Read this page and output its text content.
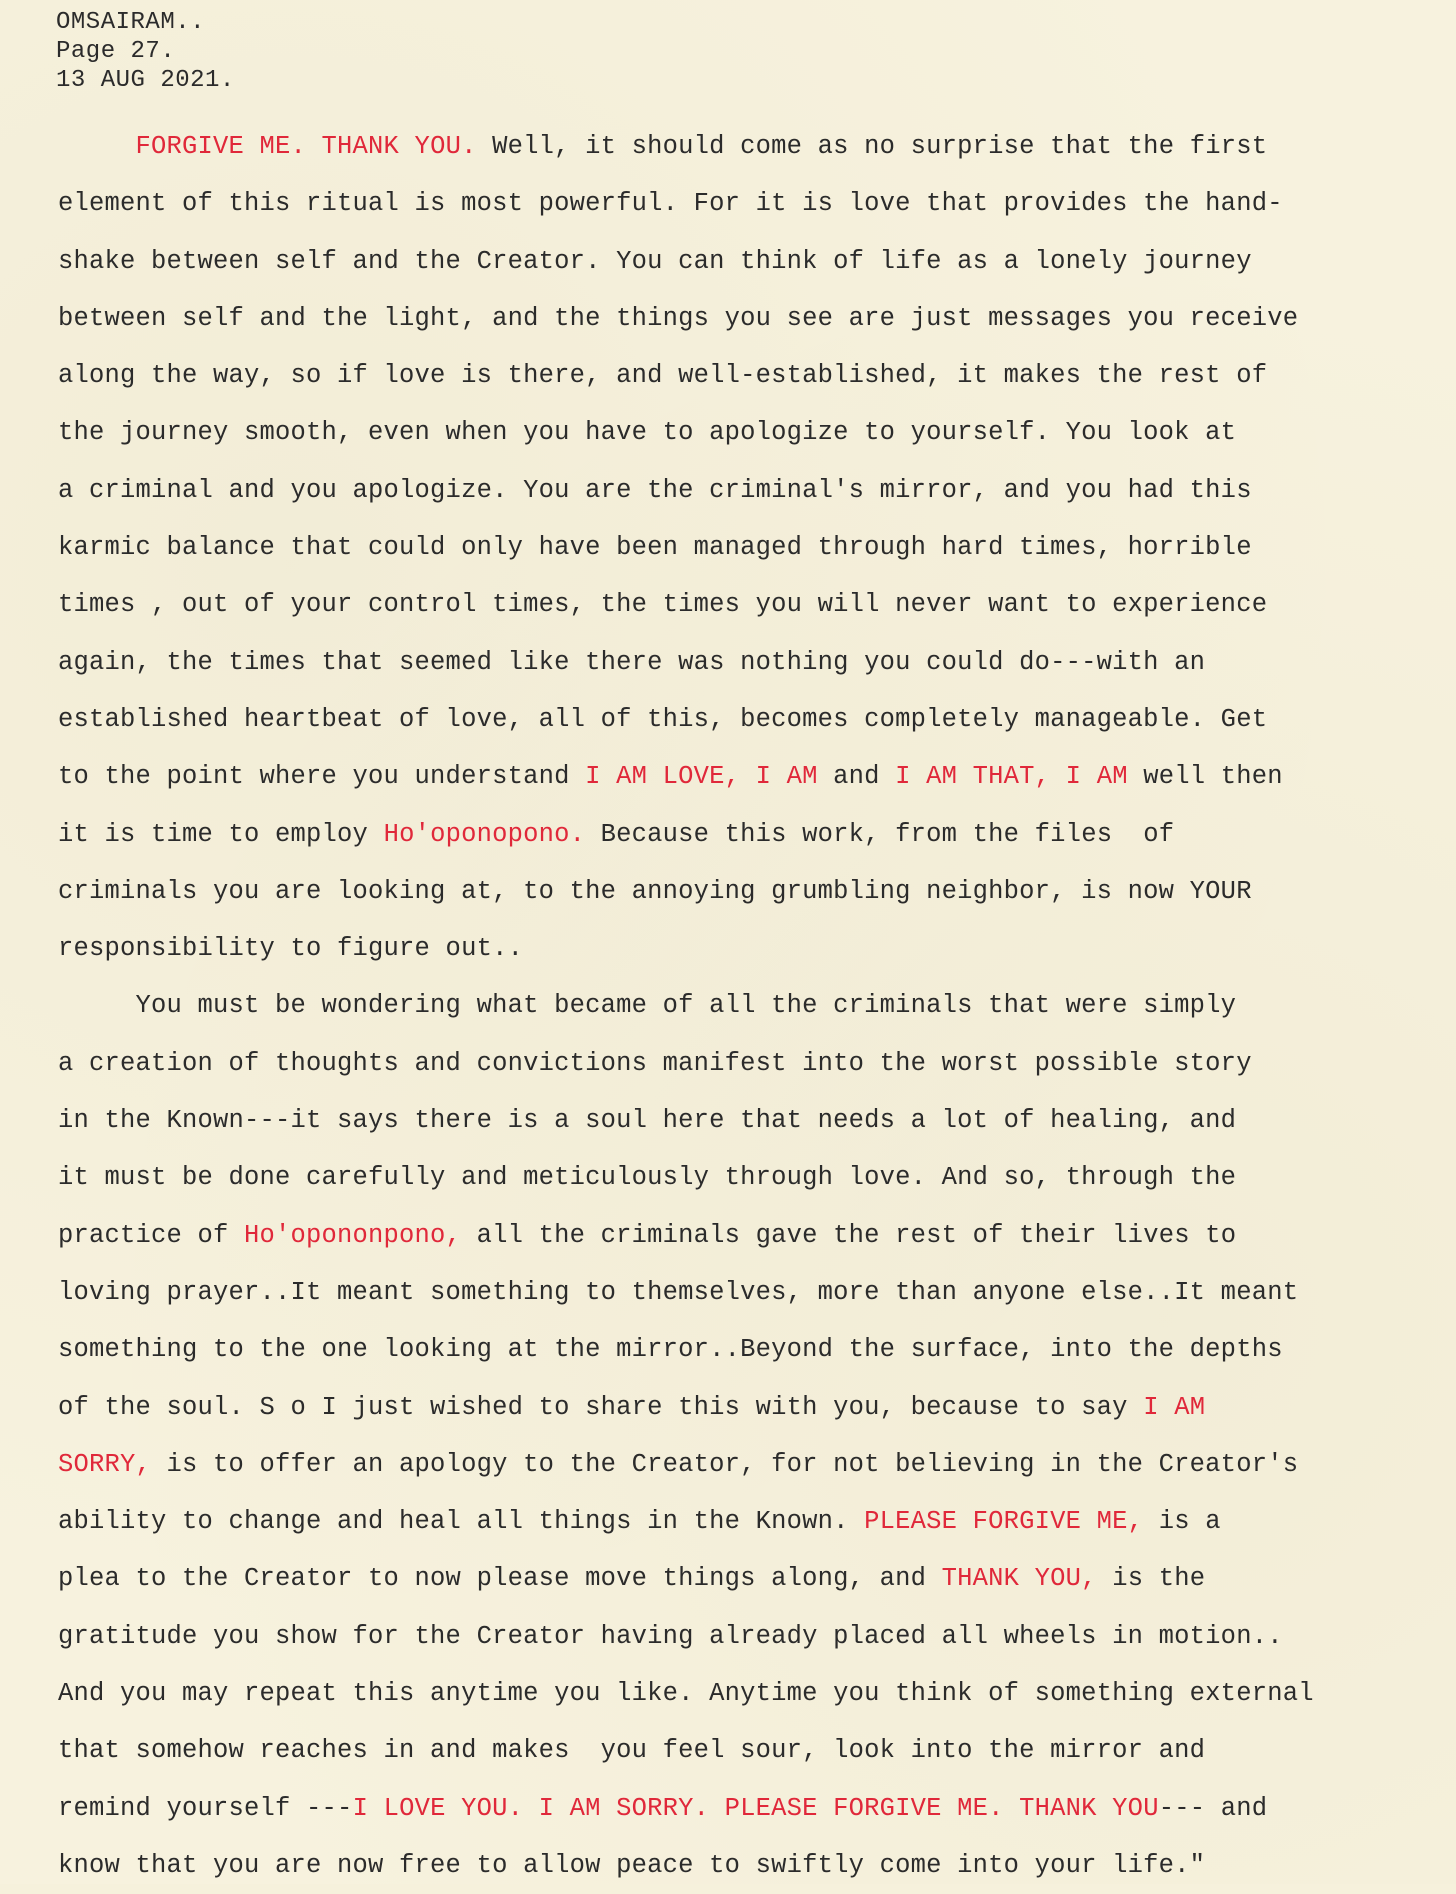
OMSAIRAM..
Page 27.
13 AUG 2021.
FORGIVE ME. THANK YOU. Well, it should come as no surprise that the first
element of this ritual is most powerful. For it is love that provides the hand-
shake between self and the Creator. You can think of life as a lonely journey
between self and the light, and the things you see are just messages you receive
along the way, so if love is there, and well-established, it makes the rest of
the journey smooth, even when you have to apologize to yourself. You look at
a criminal and you apologize. You are the criminal's mirror, and you had this
karmic balance that could only have been managed through hard times, horrible
times , out of your control times, the times you will never want to experience
again, the times that seemed like there was nothing you could do---with an
established heartbeat of love, all of this, becomes completely manageable. Get
to the point where you understand I AM LOVE, I AM and I AM THAT, I AM well then
it is time to employ Ho'oponopono. Because this work, from the files  of
criminals you are looking at, to the annoying grumbling neighbor, is now YOUR
responsibility to figure out..
You must be wondering what became of all the criminals that were simply
a creation of thoughts and convictions manifest into the worst possible story
in the Known---it says there is a soul here that needs a lot of healing, and
it must be done carefully and meticulously through love. And so, through the
practice of Ho'opononpono, all the criminals gave the rest of their lives to
loving prayer..It meant something to themselves, more than anyone else..It meant
something to the one looking at the mirror..Beyond the surface, into the depths
of the soul. S o I just wished to share this with you, because to say I AM
SORRY, is to offer an apology to the Creator, for not believing in the Creator's
ability to change and heal all things in the Known. PLEASE FORGIVE ME, is a
plea to the Creator to now please move things along, and THANK YOU, is the
gratitude you show for the Creator having already placed all wheels in motion..
And you may repeat this anytime you like. Anytime you think of something external
that somehow reaches in and makes  you feel sour, look into the mirror and
remind yourself ---I LOVE YOU. I AM SORRY. PLEASE FORGIVE ME. THANK YOU--- and
know that you are now free to allow peace to swiftly come into your life."
